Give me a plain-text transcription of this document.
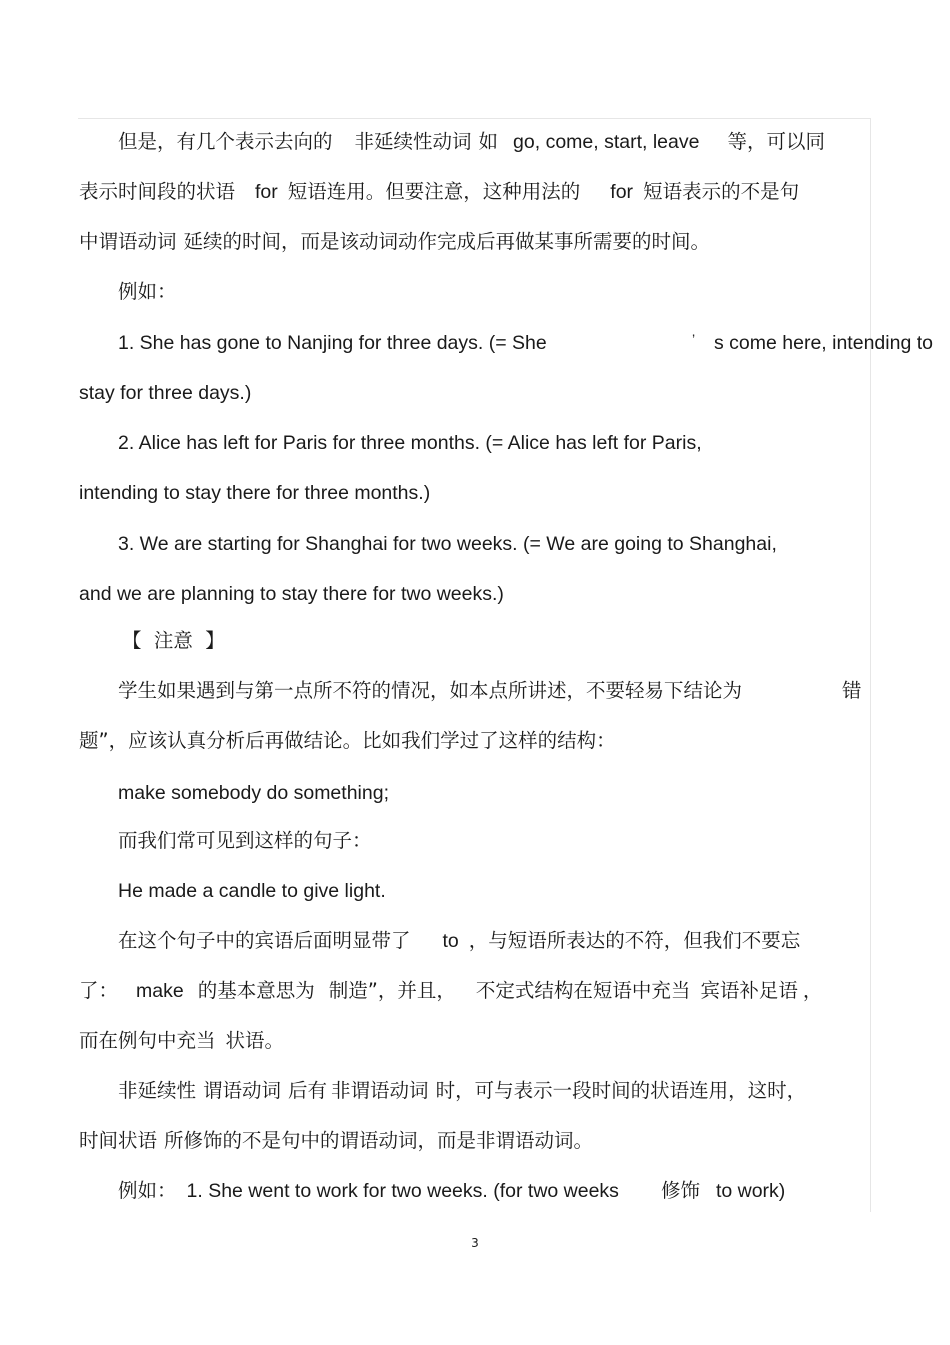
但是，有几个表示去向的 非延续性动词 如 go, come, start, leave 等，可以同
表示时间段的状语 for 短语连用。但要注意，这种用法的 for 短语表示的不是句
中谓语动词 延续的时间，而是该动词动作完成后再做某事所需要的时间。
例如：
1. She has gone to Nanjing for three days. (= She	’ s come here, intending to
stay for three days.)
2. Alice has left for Paris for three months. (= Alice has left for Paris,
intending to stay there for three months.)
3. We are starting for Shanghai for two weeks. (= We are going to Shanghai,
and we are planning to stay there for two weeks.)
【  注意  】
学生如果遇到与第一点所不符的情况，如本点所讲述，不要轻易下结论为	错
题”，应该认真分析后再做结论。比如我们学过了这样的结构：
make somebody do something;
而我们常可见到这样的句子：
He made a candle to give light.
在这个句子中的宾语后面明显带了 to ，与短语所表达的不符，但我们不要忘
了： make 的基本意思为 制造”，并且， 不定式结构在短语中充当 宾语补足语 ，
而在例句中充当 状语。
非延续性 谓语动词 后有 非谓语动词 时，可与表示一段时间的状语连用，这时，
时间状语 所修饰的不是句中的谓语动词，而是非谓语动词。
例如： 1. She went to work for two weeks. (for two weeks 修饰 to work)
3
